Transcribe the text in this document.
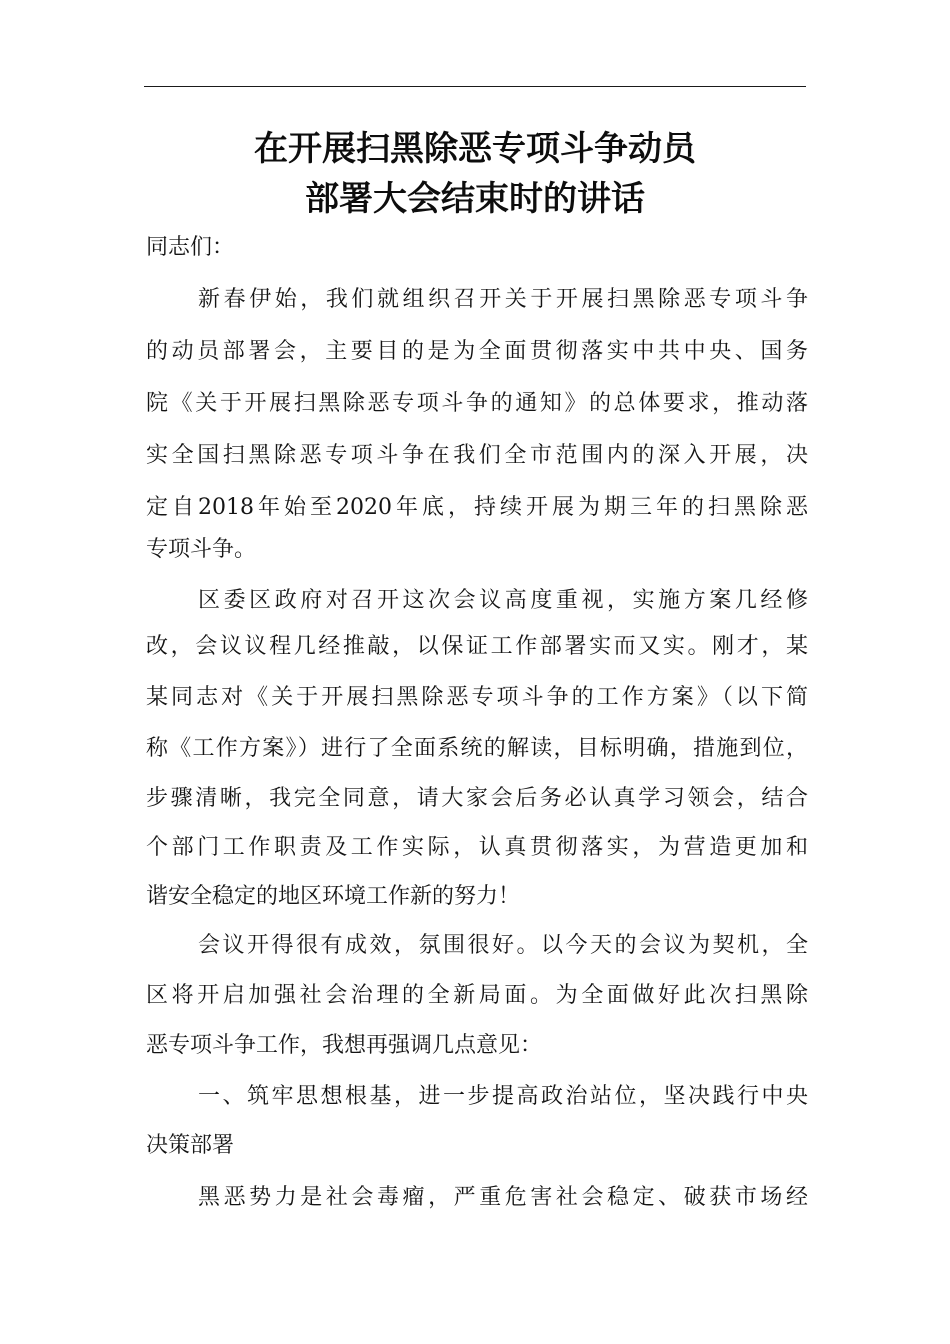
在开展扫黑除恶专项斗争动员
部署大会结束时的讲话
同志们：
新春伊始，我们就组织召开关于开展扫黑除恶专项斗争
的动员部署会，主要目的是为全面贯彻落实中共中央、国务
院《关于开展扫黑除恶专项斗争的通知》的总体要求，推动落
实全国扫黑除恶专项斗争在我们全市范围内的深入开展，决
定自2018年始至2020年底，持续开展为期三年的扫黑除恶
专项斗争。
区委区政府对召开这次会议高度重视，实施方案几经修
改，会议议程几经推敲，以保证工作部署实而又实。刚才，某
某同志对《关于开展扫黑除恶专项斗争的工作方案》（以下简
称《工作方案》）进行了全面系统的解读，目标明确，措施到位，
步骤清晰，我完全同意，请大家会后务必认真学习领会，结合
个部门工作职责及工作实际，认真贯彻落实，为营造更加和
谐安全稳定的地区环境工作新的努力！
会议开得很有成效，氛围很好。以今天的会议为契机，全
区将开启加强社会治理的全新局面。为全面做好此次扫黑除
恶专项斗争工作，我想再强调几点意见：
一、筑牢思想根基，进一步提高政治站位，坚决践行中央
决策部署
黑恶势力是社会毒瘤，严重危害社会稳定、破获市场经
